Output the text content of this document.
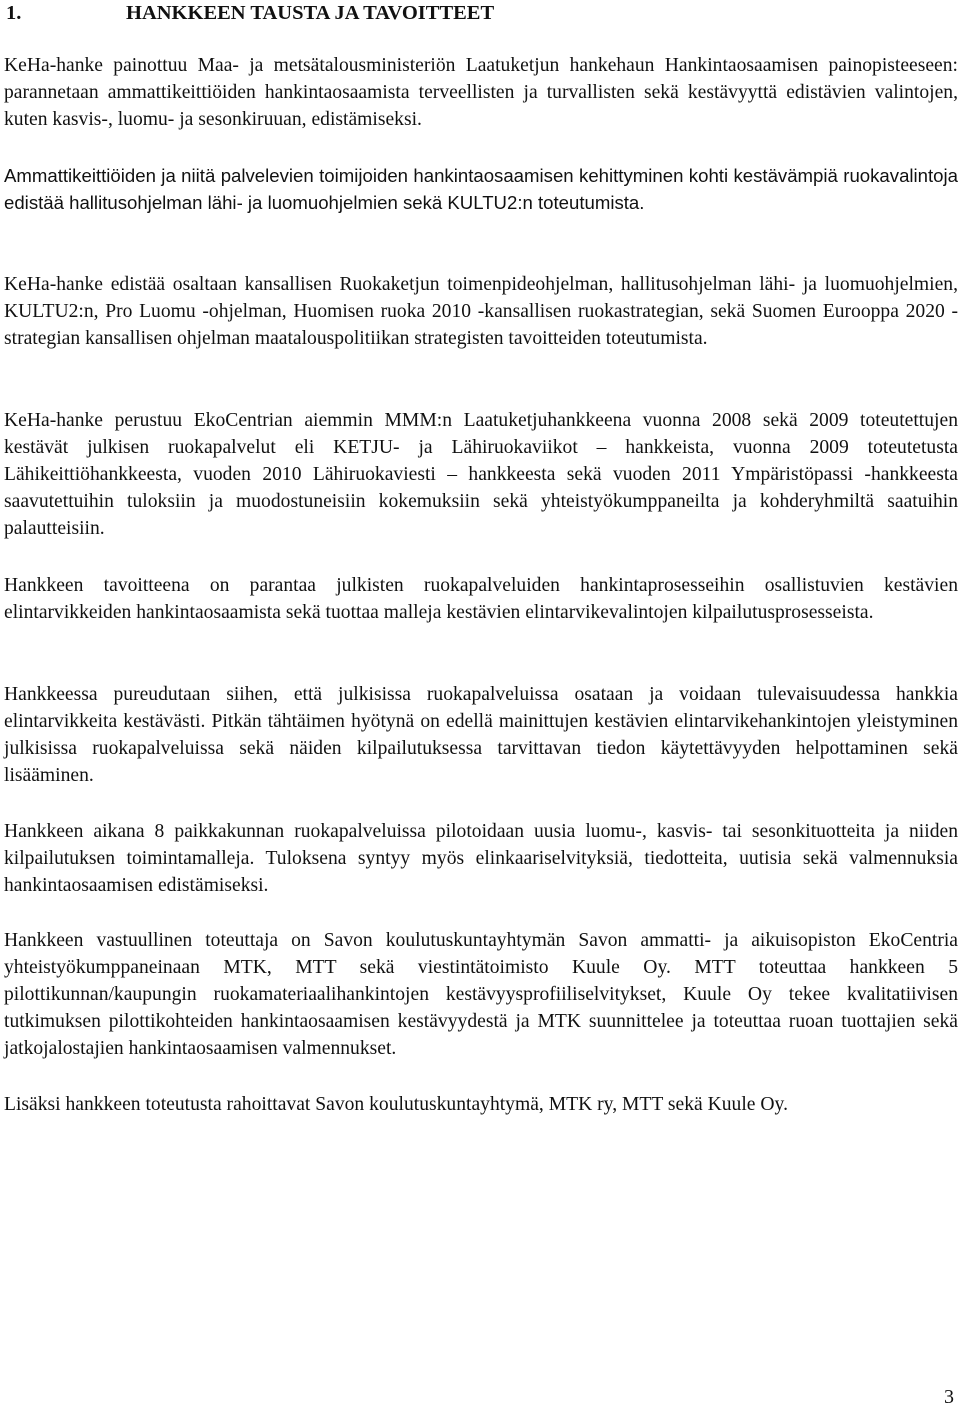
1.	HANKKEEN TAUSTA JA TAVOITTEET

KeHa-hanke painottuu Maa- ja metsätalousministeriön Laatuketjun hankehaun Hankintaosaamisen painopisteeseen: parannetaan ammattikeittiöiden hankintaosaamista terveellisten ja turvallisten sekä kestävyyttä edistävien valintojen, kuten kasvis-, luomu- ja sesonkiruuan, edistämiseksi.

Ammattikeittiöiden ja niitä palvelevien toimijoiden hankintaosaamisen kehittyminen kohti kestävämpiä ruokavalintoja edistää hallitusohjelman lähi- ja luomuohjelmien sekä KULTU2:n toteutumista.

KeHa-hanke edistää osaltaan kansallisen Ruokaketjun toimenpideohjelman, hallitusohjelman lähi- ja luomuohjelmien, KULTU2:n, Pro Luomu -ohjelman, Huomisen ruoka 2010 -kansallisen ruokastrategian, sekä Suomen Eurooppa 2020 -strategian kansallisen ohjelman maatalouspolitiikan strategisten tavoitteiden toteutumista.

KeHa-hanke perustuu EkoCentrian aiemmin MMM:n Laatuketjuhankkeena vuonna 2008 sekä 2009 toteutettujen kestävät julkisen ruokapalvelut eli KETJU- ja Lähiruokaviikot – hankkeista, vuonna 2009 toteutetusta Lähikeittiöhankkeesta, vuoden 2010 Lähiruokaviesti – hankkeesta sekä vuoden 2011 Ympäristöpassi -hankkeesta saavutettuihin tuloksiin ja muodostuneisiin kokemuksiin sekä yhteistyökumppaneilta ja kohderyhmiltä saatuihin palautteisiin.

Hankkeen tavoitteena on parantaa julkisten ruokapalveluiden hankintaprosesseihin osallistuvien kestävien elintarvikkeiden hankintaosaamista sekä tuottaa malleja kestävien elintarvikevalintojen kilpailutusprosesseista.

Hankkeessa pureudutaan siihen, että julkisissa ruokapalveluissa osataan ja voidaan tulevaisuudessa hankkia elintarvikkeita kestävästi. Pitkän tähtäimen hyötynä on edellä mainittujen kestävien elintarvikehankintojen yleistyminen julkisissa ruokapalveluissa sekä näiden kilpailutuksessa tarvittavan tiedon käytettävyyden helpottaminen sekä lisääminen.

Hankkeen aikana 8 paikkakunnan ruokapalveluissa pilotoidaan uusia luomu-, kasvis- tai sesonkituotteita ja niiden kilpailutuksen toimintamalleja. Tuloksena syntyy myös elinkaariselvityksiä, tiedotteita, uutisia sekä valmennuksia hankintaosaamisen edistämiseksi.

Hankkeen vastuullinen toteuttaja on Savon koulutuskuntayhtymän Savon ammatti- ja aikuisopiston EkoCentria yhteistyökumppaneinaan MTK, MTT sekä viestintätoimisto Kuule Oy. MTT toteuttaa hankkeen 5 pilottikunnan/kaupungin ruokamateriaalihankintojen kestävyysprofiiliselvitykset, Kuule Oy tekee kvalitatiivisen tutkimuksen pilottikohteiden hankintaosaamisen kestävyydestä ja MTK suunnittelee ja toteuttaa ruoan tuottajien sekä jatkojalostajien hankintaosaamisen valmennukset.

Lisäksi hankkeen toteutusta rahoittavat Savon koulutuskuntayhtymä, MTK ry, MTT sekä Kuule Oy.

3
